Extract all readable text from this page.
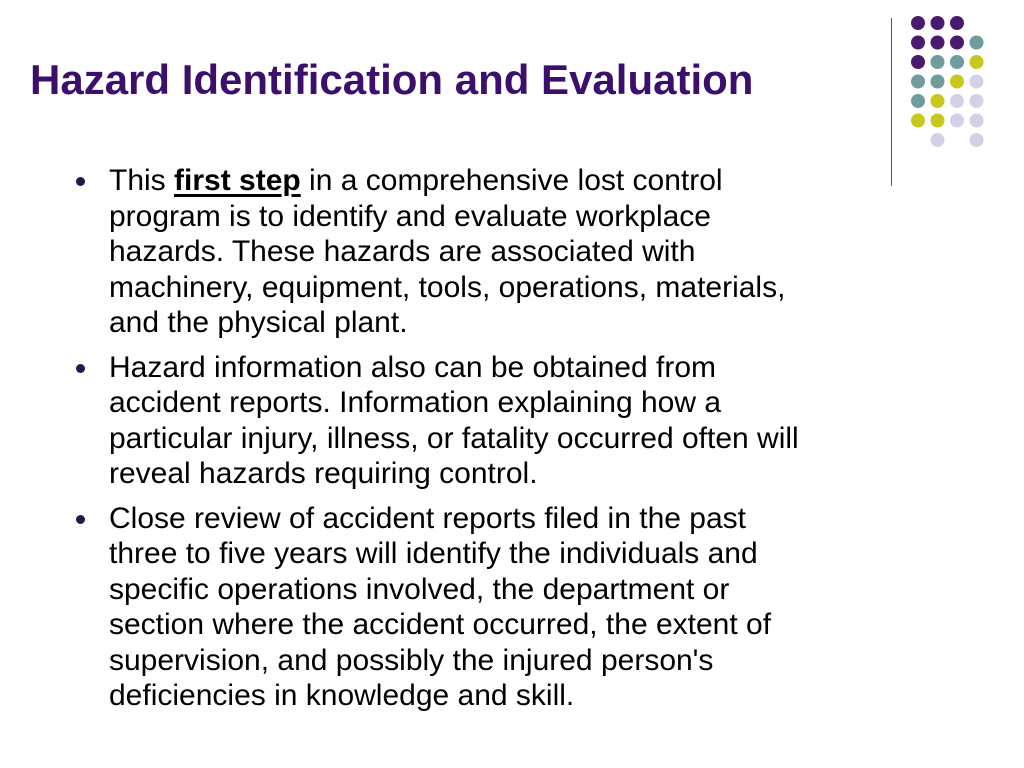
Hazard Identification and Evaluation
This first step in a comprehensive lost control
program is to identify and evaluate workplace
hazards. These hazards are associated with
machinery, equipment, tools, operations, materials,
and the physical plant.
Hazard information also can be obtained from
accident reports. Information explaining how a
particular injury, illness, or fatality occurred often will
reveal hazards requiring control.
Close review of accident reports filed in the past
three to five years will identify the individuals and
specific operations involved, the department or
section where the accident occurred, the extent of
supervision, and possibly the injured person's
deficiencies in knowledge and skill.
